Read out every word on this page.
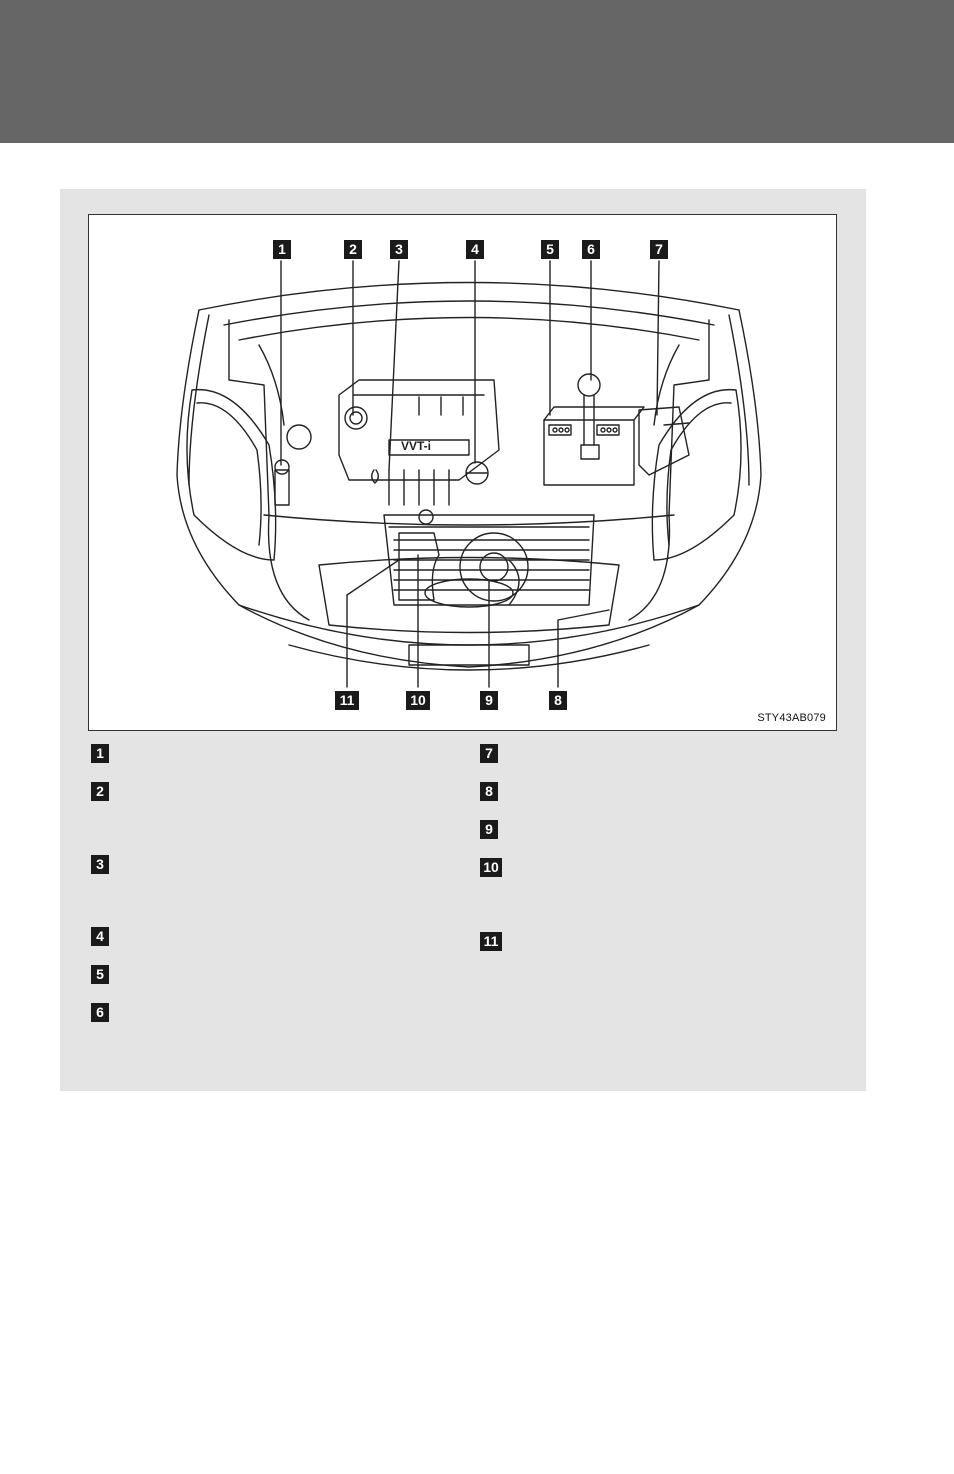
VVT-i
1	2	3	4	5	6	7
11	10	9	8
STY43AB079
1
2
3
4
5
6
7
8
9
10
11
